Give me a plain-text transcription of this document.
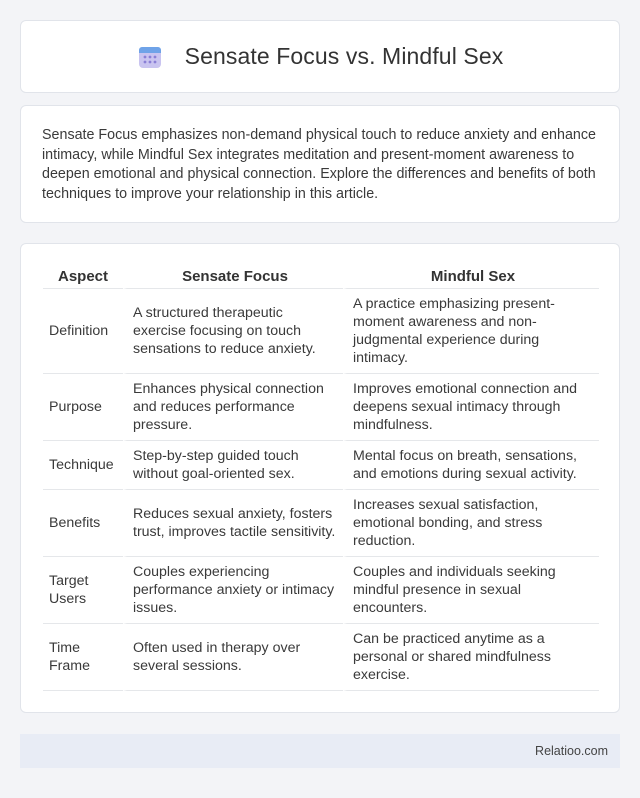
Sensate Focus vs. Mindful Sex

Sensate Focus emphasizes non-demand physical touch to reduce anxiety and enhance intimacy, while Mindful Sex integrates meditation and present-moment awareness to deepen emotional and physical connection. Explore the differences and benefits of both techniques to improve your relationship in this article.

Aspect	Sensate Focus	Mindful Sex
Definition	A structured therapeutic exercise focusing on touch sensations to reduce anxiety.	A practice emphasizing present-moment awareness and non-judgmental experience during intimacy.
Purpose	Enhances physical connection and reduces performance pressure.	Improves emotional connection and deepens sexual intimacy through mindfulness.
Technique	Step-by-step guided touch without goal-oriented sex.	Mental focus on breath, sensations, and emotions during sexual activity.
Benefits	Reduces sexual anxiety, fosters trust, improves tactile sensitivity.	Increases sexual satisfaction, emotional bonding, and stress reduction.
Target Users	Couples experiencing performance anxiety or intimacy issues.	Couples and individuals seeking mindful presence in sexual encounters.
Time Frame	Often used in therapy over several sessions.	Can be practiced anytime as a personal or shared mindfulness exercise.
Relatioo.com
